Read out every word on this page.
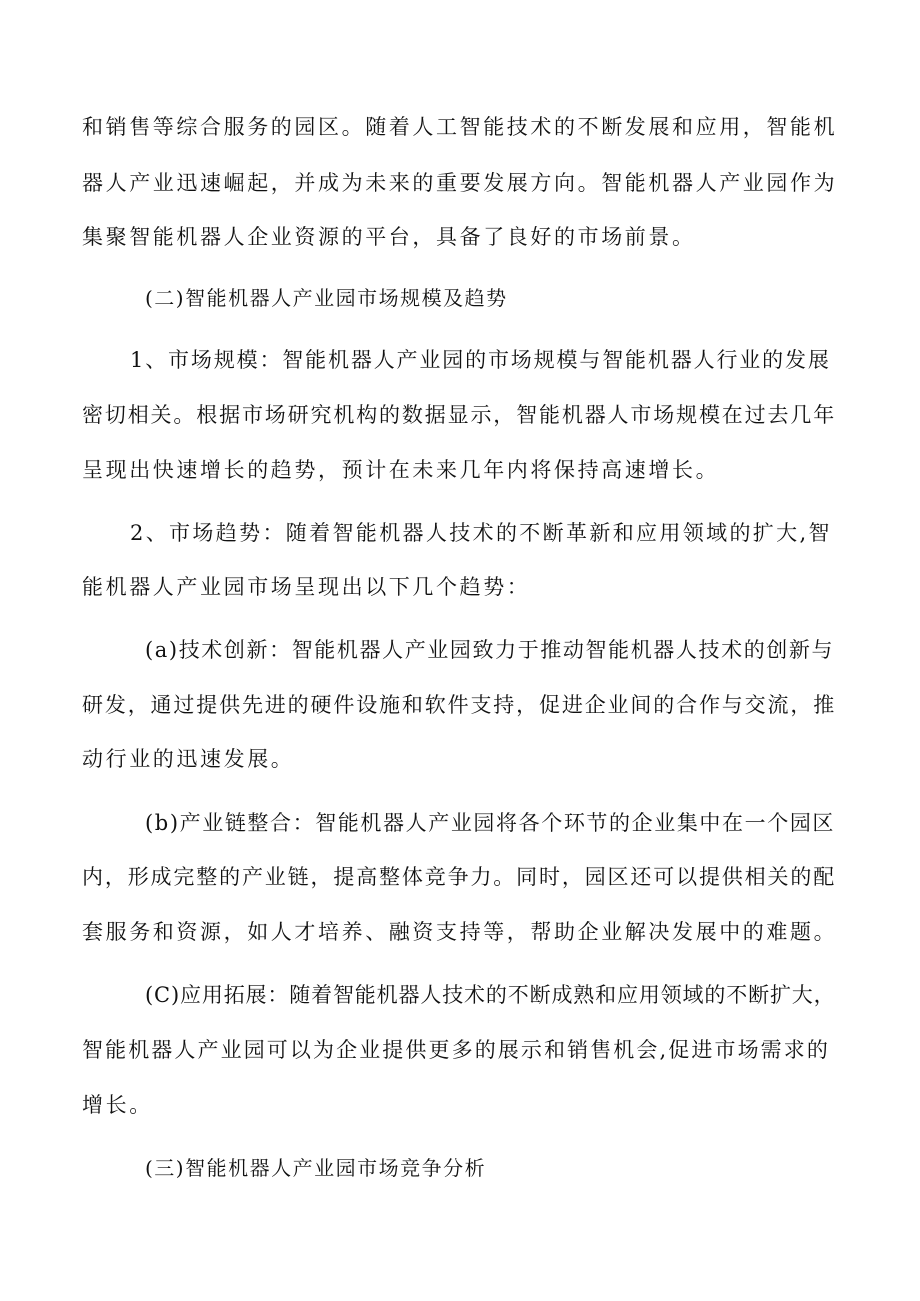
和销售等综合服务的园区。随着人工智能技术的不断发展和应用，智能机
器人产业迅速崛起，并成为未来的重要发展方向。智能机器人产业园作为
集聚智能机器人企业资源的平台，具备了良好的市场前景。
(二)智能机器人产业园市场规模及趋势
1、市场规模：智能机器人产业园的市场规模与智能机器人行业的发展
密切相关。根据市场研究机构的数据显示，智能机器人市场规模在过去几年
呈现出快速增长的趋势，预计在未来几年内将保持高速增长。
2、市场趋势：随着智能机器人技术的不断革新和应用领域的扩大,智
能机器人产业园市场呈现出以下几个趋势：
(a)技术创新：智能机器人产业园致力于推动智能机器人技术的创新与
研发，通过提供先进的硬件设施和软件支持，促进企业间的合作与交流，推
动行业的迅速发展。
(b)产业链整合：智能机器人产业园将各个环节的企业集中在一个园区
内，形成完整的产业链，提高整体竞争力。同时，园区还可以提供相关的配
套服务和资源，如人才培养、融资支持等，帮助企业解决发展中的难题。
(C)应用拓展：随着智能机器人技术的不断成熟和应用领域的不断扩大，
智能机器人产业园可以为企业提供更多的展示和销售机会,促进市场需求的
增长。
(三)智能机器人产业园市场竞争分析
